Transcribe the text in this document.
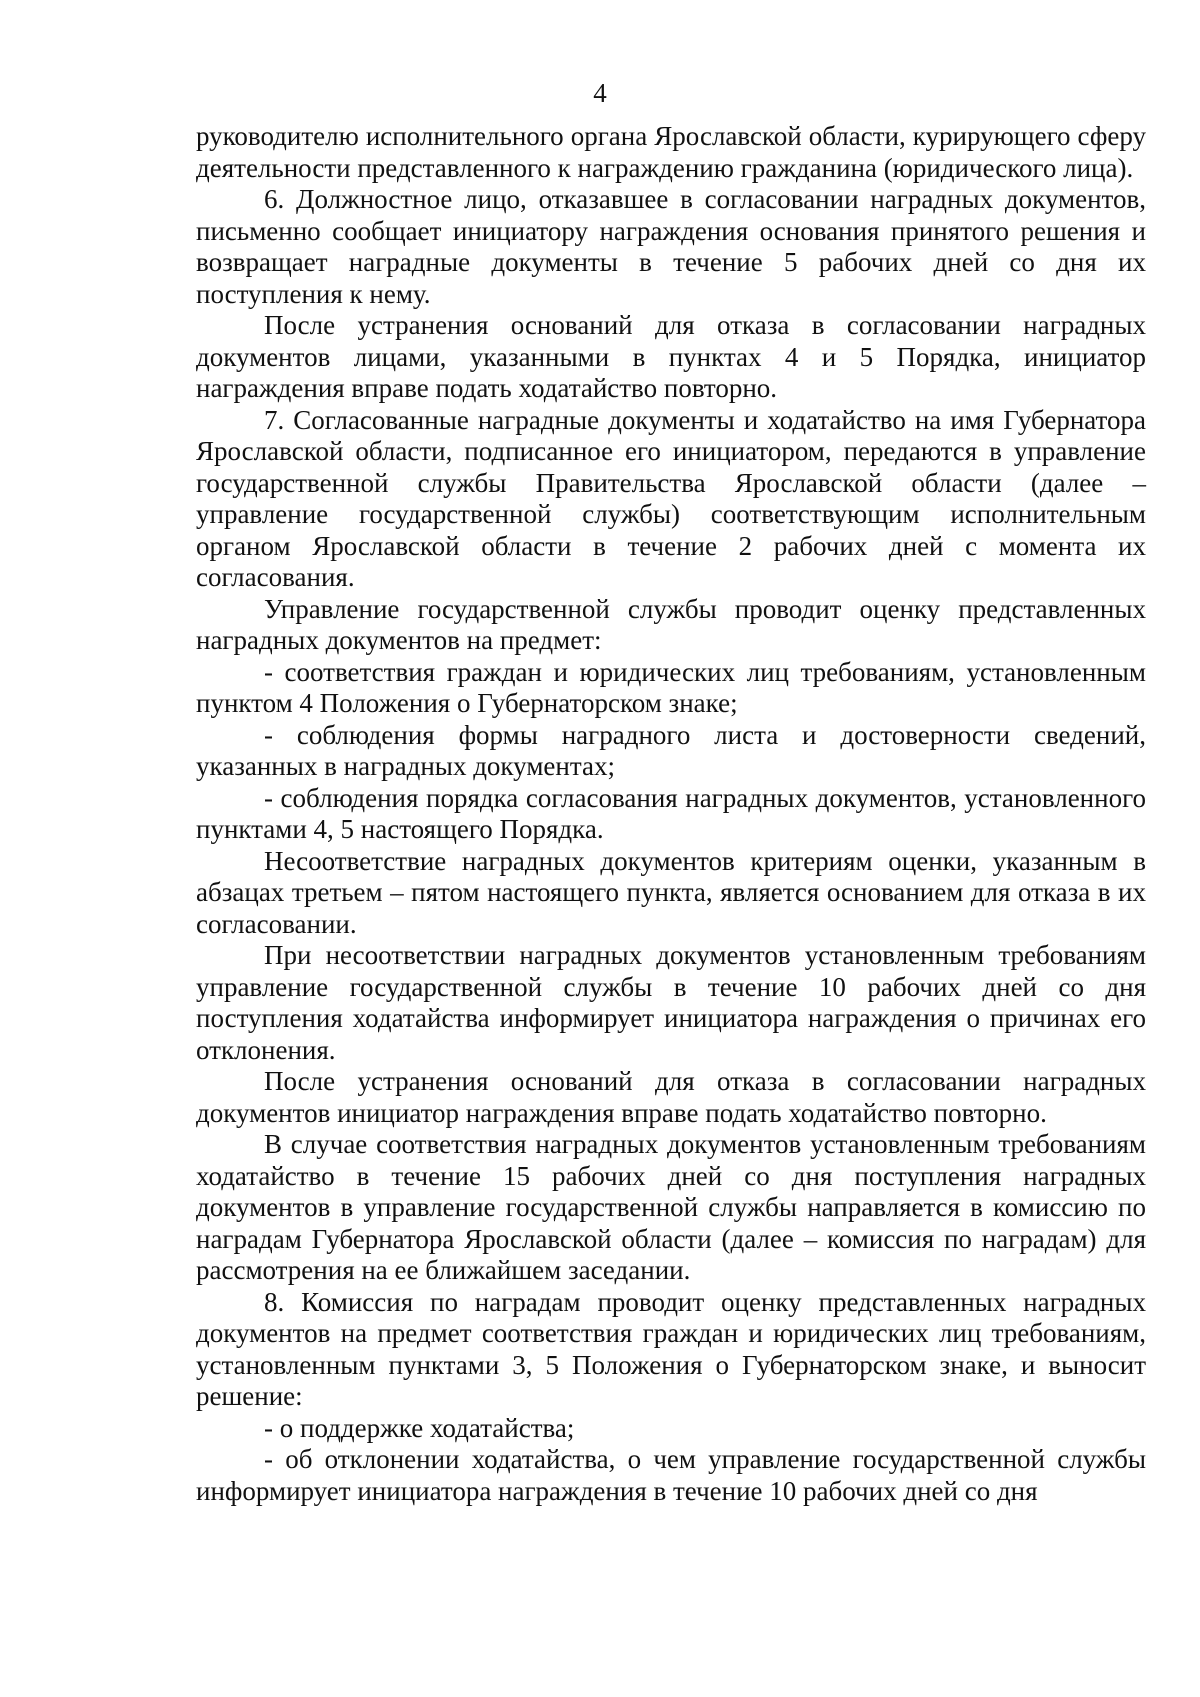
4

руководителю исполнительного органа Ярославской области, курирующего сферу деятельности представленного к награждению гражданина (юридического лица).

6. Должностное лицо, отказавшее в согласовании наградных документов, письменно сообщает инициатору награждения основания принятого решения и возвращает наградные документы в течение 5 рабочих дней со дня их поступления к нему.

После устранения оснований для отказа в согласовании наградных документов лицами, указанными в пунктах 4 и 5 Порядка, инициатор награждения вправе подать ходатайство повторно.

7. Согласованные наградные документы и ходатайство на имя Губернатора Ярославской области, подписанное его инициатором, передаются в управление государственной службы Правительства Ярославской области (далее – управление государственной службы) соответствующим исполнительным органом Ярославской области в течение 2 рабочих дней с момента их согласования.

Управление государственной службы проводит оценку представленных наградных документов на предмет:

- соответствия граждан и юридических лиц требованиям, установленным пунктом 4 Положения о Губернаторском знаке;

- соблюдения формы наградного листа и достоверности сведений, указанных в наградных документах;

- соблюдения порядка согласования наградных документов, установленного пунктами 4, 5 настоящего Порядка.

Несоответствие наградных документов критериям оценки, указанным в абзацах третьем – пятом настоящего пункта, является основанием для отказа в их согласовании.

При несоответствии наградных документов установленным требованиям управление государственной службы в течение 10 рабочих дней со дня поступления ходатайства информирует инициатора награждения о причинах его отклонения.

После устранения оснований для отказа в согласовании наградных документов инициатор награждения вправе подать ходатайство повторно.

В случае соответствия наградных документов установленным требованиям ходатайство в течение 15 рабочих дней со дня поступления наградных документов в управление государственной службы направляется в комиссию по наградам Губернатора Ярославской области (далее – комиссия по наградам) для рассмотрения на ее ближайшем заседании.

8. Комиссия по наградам проводит оценку представленных наградных документов на предмет соответствия граждан и юридических лиц требованиям, установленным пунктами 3, 5 Положения о Губернаторском знаке, и выносит решение:

- о поддержке ходатайства;

- об отклонении ходатайства, о чем управление государственной службы информирует инициатора награждения в течение 10 рабочих дней со дня
